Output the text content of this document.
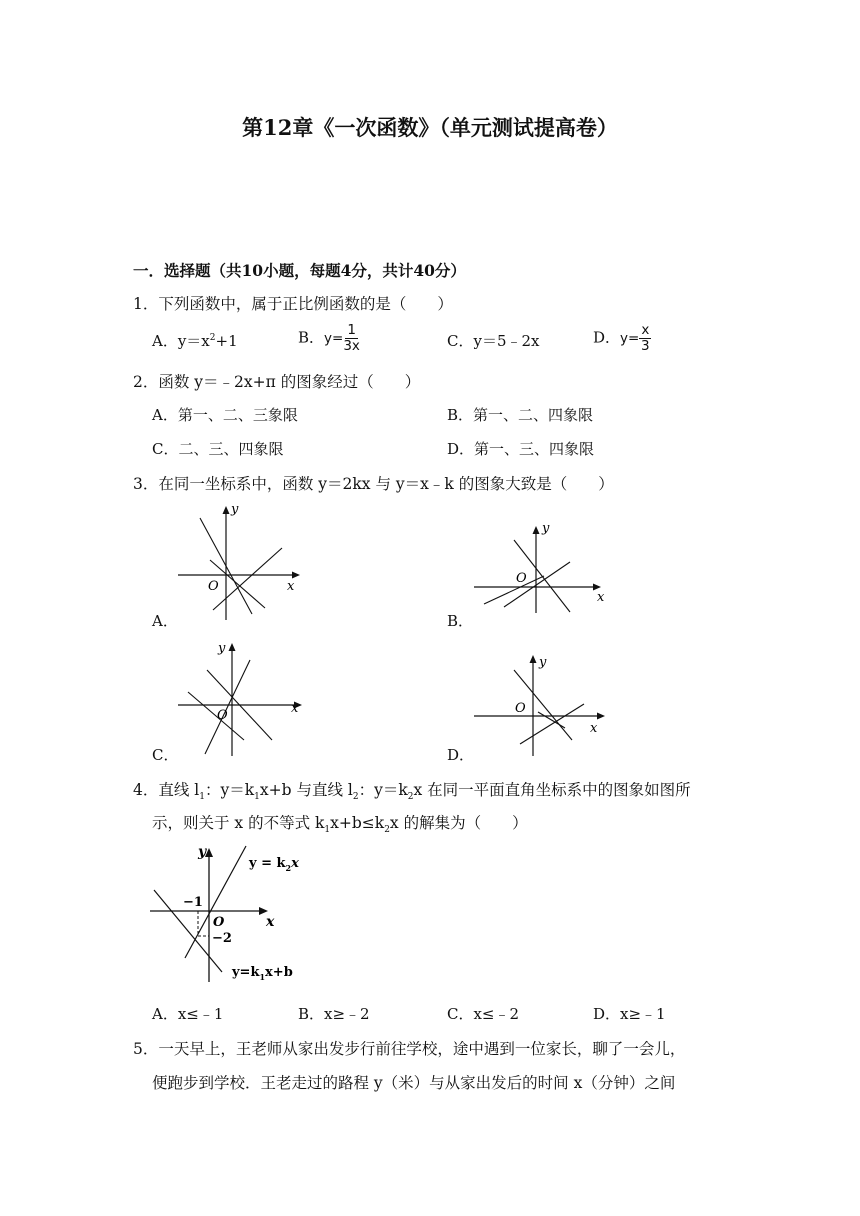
第12章《一次函数》（单元测试提高卷）
一．选择题（共10小题，每题4分，共计40分）
1．下列函数中，属于正比例函数的是（　　）
A．$y=x^2+1$	B．$y= \frac{1}{3x}$	C．y＝5﹣2x	D．$y= \frac{x}{3}$
2．函数 y＝﹣2x+π 的图象经过（　　）
A．第一、二、三象限	B．第一、二、四象限
C．二、三、四象限	D．第一、三、四象限
3．在同一坐标系中，函数 y＝2kx 与 y＝x﹣k 的图象大致是（　　）
y
x
O
A．
y
x
O
B．
y
x
O
C．
y
x
O
D．
4．直线 $l_1$：$y=k_1x+b$ 与直线 $l_2$：$y=k_2x$ 在同一平面直角坐标系中的图象如图所
示，则关于 x 的不等式 $k_1x+b\le k_2x$ 的解集为（　　）
y
x
O
−1
−2
$y = k_2x$
$y=k_1x+b$
A．x≤﹣1	B．x≥﹣2	C．x≤﹣2	D．x≥﹣1
5．一天早上，王老师从家出发步行前往学校，途中遇到一位家长，聊了一会儿，
便跑步到学校．王老走过的路程 y（米）与从家出发后的时间 x（分钟）之间
